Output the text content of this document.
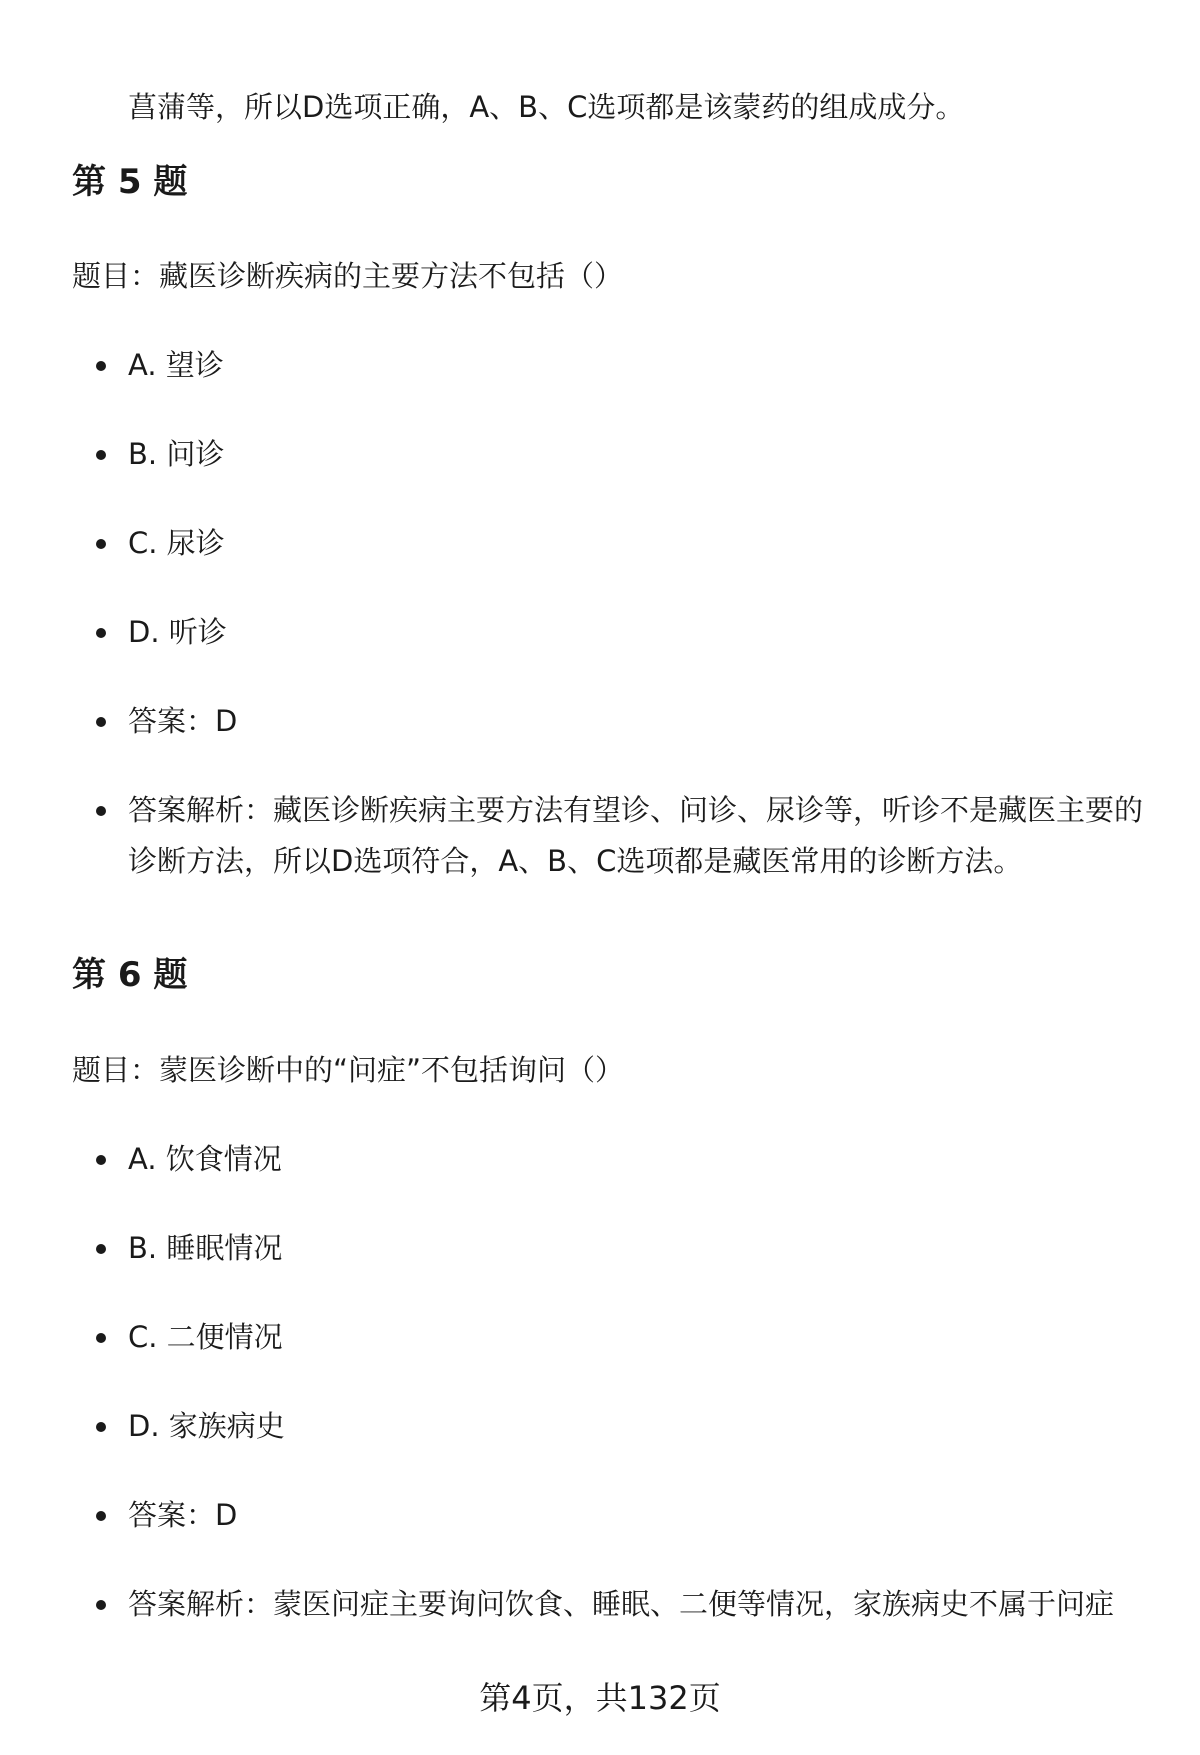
菖蒲等，所以D选项正确，A、B、C选项都是该蒙药的组成成分。

第 5 题

题目：藏医诊断疾病的主要方法不包括（）

A. 望诊
B. 问诊
C. 尿诊
D. 听诊
答案：D
答案解析：藏医诊断疾病主要方法有望诊、问诊、尿诊等，听诊不是藏医主要的诊断方法，所以D选项符合，A、B、C选项都是藏医常用的诊断方法。
第 6 题

题目：蒙医诊断中的“问症”不包括询问（）

A. 饮食情况
B. 睡眠情况
C. 二便情况
D. 家族病史
答案：D
答案解析：蒙医问症主要询问饮食、睡眠、二便等情况，家族病史不属于问症
第4页，共132页
